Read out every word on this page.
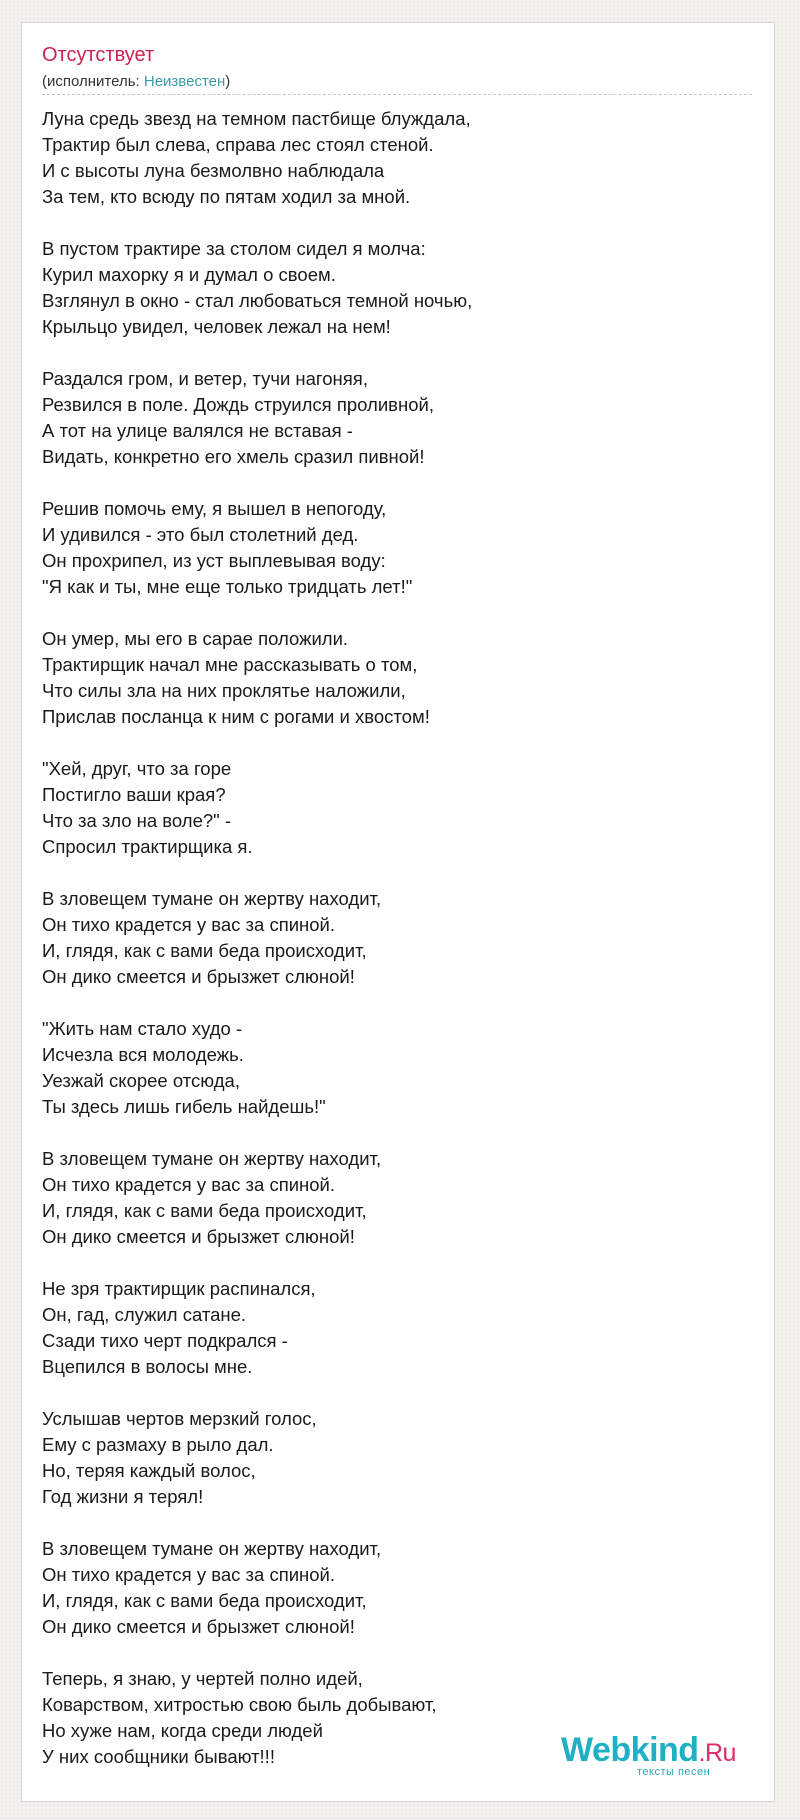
Отсутствует
(исполнитель: Неизвестен)
Луна средь звезд на темном пастбище блуждала,
Трактир был слева, справа лес стоял стеной.
И с высоты луна безмолвно наблюдала
За тем, кто всюду по пятам ходил за мной.
В пустом трактире за столом сидел я молча:
Курил махорку я и думал о своем.
Взглянул в окно - стал любоваться темной ночью,
Крыльцо увидел, человек лежал на нем!
Раздался гром, и ветер, тучи нагоняя,
Резвился в поле. Дождь струился проливной,
А тот на улице валялся не вставая -
Видать, конкретно его хмель сразил пивной!
Решив помочь ему, я вышел в непогоду,
И удивился - это был столетний дед.
Он прохрипел, из уст выплевывая воду:
"Я как и ты, мне еще только тридцать лет!"
Он умер, мы его в сарае положили.
Трактирщик начал мне рассказывать о том,
Что силы зла на них проклятье наложили,
Прислав посланца к ним с рогами и хвостом!
"Хей, друг, что за горе
Постигло ваши края?
Что за зло на воле?" -
Спросил трактирщика я.
В зловещем тумане он жертву находит,
Он тихо крадется у вас за спиной.
И, глядя, как с вами беда происходит,
Он дико смеется и брызжет слюной!
"Жить нам стало худо -
Исчезла вся молодежь.
Уезжай скорее отсюда,
Ты здесь лишь гибель найдешь!"
В зловещем тумане он жертву находит,
Он тихо крадется у вас за спиной.
И, глядя, как с вами беда происходит,
Он дико смеется и брызжет слюной!
Не зря трактирщик распинался,
Он, гад, служил сатане.
Сзади тихо черт подкрался -
Вцепился в волосы мне.
Услышав чертов мерзкий голос,
Ему с размаху в рыло дал.
Но, теряя каждый волос,
Год жизни я терял!
В зловещем тумане он жертву находит,
Он тихо крадется у вас за спиной.
И, глядя, как с вами беда происходит,
Он дико смеется и брызжет слюной!
Теперь, я знаю, у чертей полно идей,
Коварством, хитростью свою быль добывают,
Но хуже нам, когда среди людей
У них сообщники бывают!!!	Webkind.Ru
тексты песен
